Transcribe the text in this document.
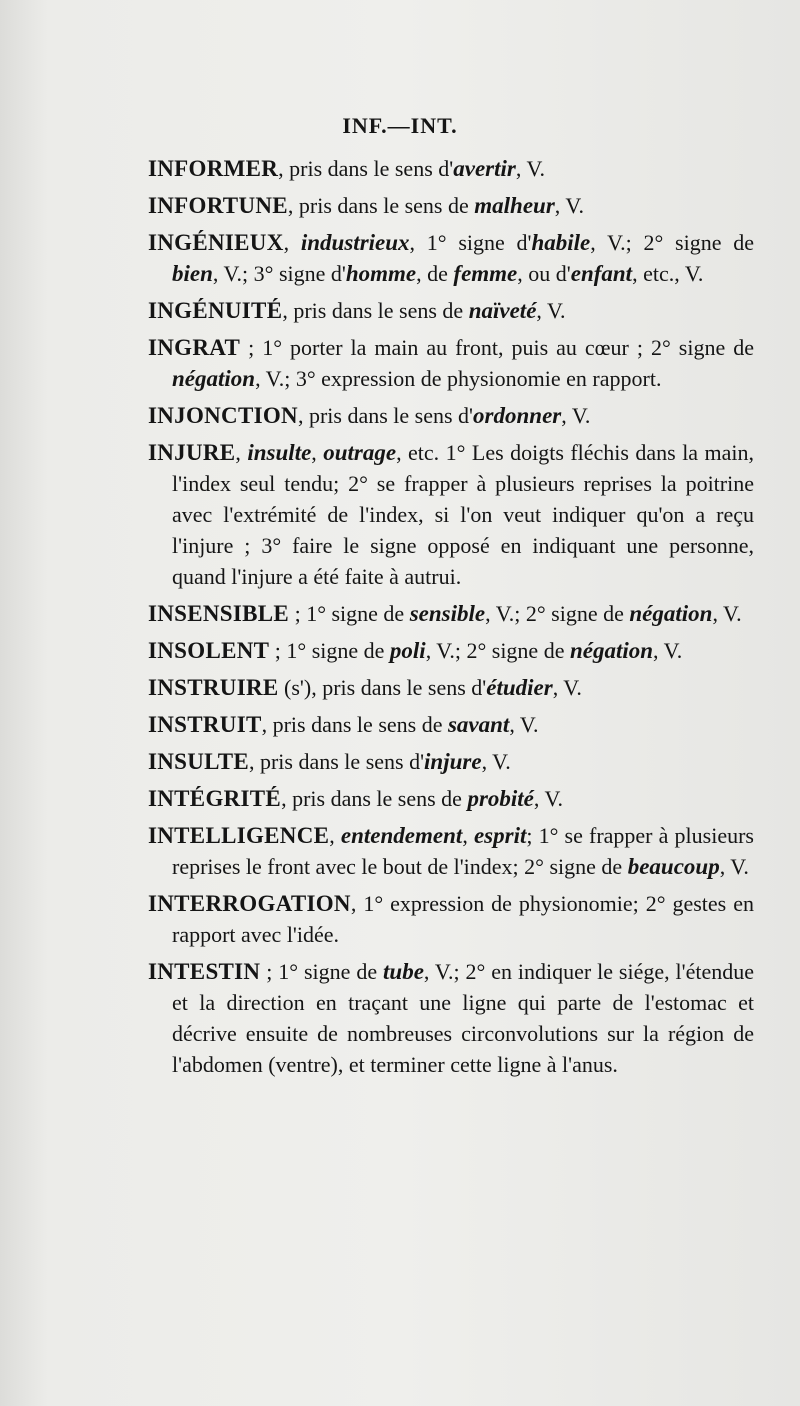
INF.—INT.

INFORMER, pris dans le sens d'avertir, V.

INFORTUNE, pris dans le sens de malheur, V.

INGÉNIEUX, industrieux, 1° signe d'habile, V.; 2° signe de bien, V.; 3° signe d'homme, de femme, ou d'enfant, etc., V.

INGÉNUITÉ, pris dans le sens de naïveté, V.

INGRAT ; 1° porter la main au front, puis au cœur ; 2° signe de négation, V.; 3° expression de physionomie en rapport.

INJONCTION, pris dans le sens d'ordonner, V.

INJURE, insulte, outrage, etc. 1° Les doigts fléchis dans la main, l'index seul tendu; 2° se frapper à plusieurs reprises la poitrine avec l'extrémité de l'index, si l'on veut indiquer qu'on a reçu l'injure ; 3° faire le signe opposé en indiquant une personne, quand l'injure a été faite à autrui.

INSENSIBLE ; 1° signe de sensible, V.; 2° signe de négation, V.

INSOLENT ; 1° signe de poli, V.; 2° signe de négation, V.

INSTRUIRE (s'), pris dans le sens d'étudier, V.

INSTRUIT, pris dans le sens de savant, V.

INSULTE, pris dans le sens d'injure, V.

INTÉGRITÉ, pris dans le sens de probité, V.

INTELLIGENCE, entendement, esprit; 1° se frapper à plusieurs reprises le front avec le bout de l'index; 2° signe de beaucoup, V.

INTERROGATION, 1° expression de physionomie; 2° gestes en rapport avec l'idée.

INTESTIN ; 1° signe de tube, V.; 2° en indiquer le siége, l'étendue et la direction en traçant une ligne qui parte de l'estomac et décrive ensuite de nombreuses circonvolutions sur la région de l'abdomen (ventre), et terminer cette ligne à l'anus.
